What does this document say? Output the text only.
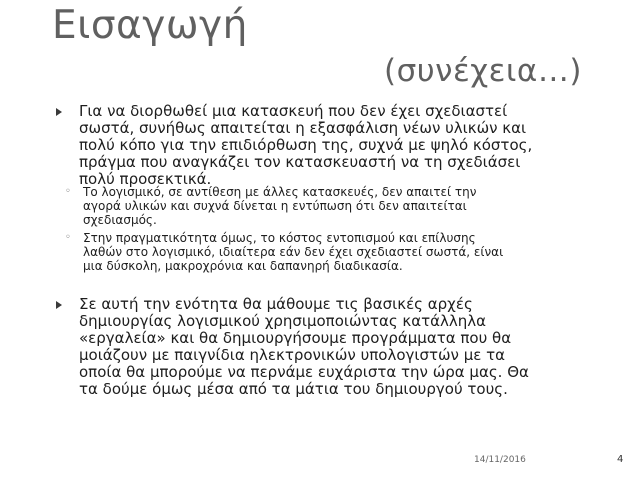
Εισαγωγή
(συνέχεια…)
Για να διορθωθεί μια κατασκευή που δεν έχει σχεδιαστεί
σωστά, συνήθως απαιτείται η εξασφάλιση νέων υλικών και
πολύ κόπο για την επιδιόρθωση της, συχνά με ψηλό κόστος,
πράγμα που αναγκάζει τον κατασκευαστή να τη σχεδιάσει
πολύ προσεκτικά.
◦	Το λογισμικό, σε αντίθεση με άλλες κατασκευές, δεν απαιτεί την
αγορά υλικών και συχνά δίνεται η εντύπωση ότι δεν απαιτείται
σχεδιασμός.
◦	Στην πραγματικότητα όμως, το κόστος εντοπισμού και επίλυσης
λαθών στο λογισμικό, ιδιαίτερα εάν δεν έχει σχεδιαστεί σωστά, είναι
μια δύσκολη, μακροχρόνια και δαπανηρή διαδικασία.
Σε αυτή την ενότητα θα μάθουμε τις βασικές αρχές
δημιουργίας λογισμικού χρησιμοποιώντας κατάλληλα
«εργαλεία» και θα δημιουργήσουμε προγράμματα που θα
μοιάζουν με παιγνίδια ηλεκτρονικών υπολογιστών με τα
οποία θα μπορούμε να περνάμε ευχάριστα την ώρα μας. Θα
τα δούμε όμως μέσα από τα μάτια του δημιουργού τους.
14/11/2016	4
